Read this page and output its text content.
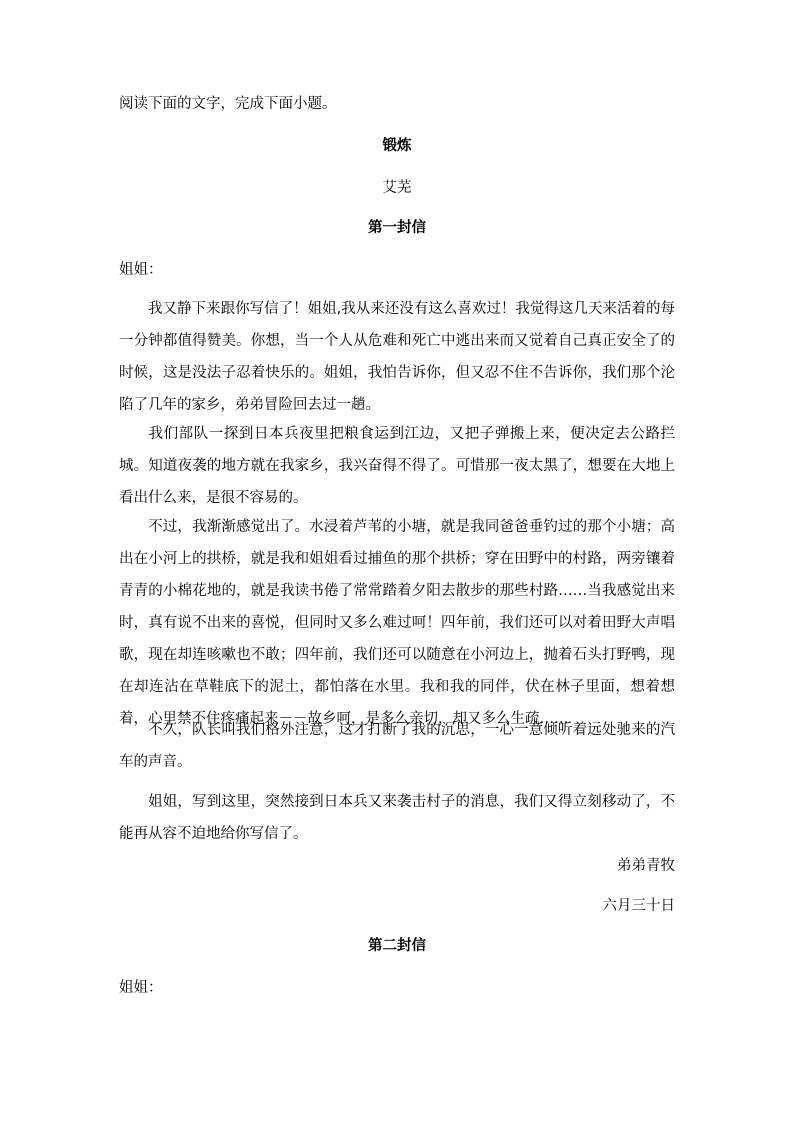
阅读下面的文字，完成下面小题。
锻炼
艾芜
第一封信
姐姐：
我又静下来跟你写信了！姐姐,我从来还没有这么喜欢过！我觉得这几天来活着的每一分钟都值得赞美。你想，当一个人从危难和死亡中逃出来而又觉着自己真正安全了的时候，这是没法子忍着快乐的。姐姐，我怕告诉你，但又忍不住不告诉你，我们那个沦陷了几年的家乡，弟弟冒险回去过一趟。
我们部队一探到日本兵夜里把粮食运到江边，又把子弹搬上来，便决定去公路拦城。知道夜袭的地方就在我家乡，我兴奋得不得了。可惜那一夜太黑了，想要在大地上看出什么来，是很不容易的。
不过，我渐渐感觉出了。水浸着芦苇的小塘，就是我同爸爸垂钓过的那个小塘；高出在小河上的拱桥，就是我和姐姐看过捕鱼的那个拱桥；穿在田野中的村路，两旁镶着青青的小棉花地的，就是我读书倦了常常踏着夕阳去散步的那些村路……当我感觉出来时，真有说不出来的喜悦，但同时又多么难过呵！四年前，我们还可以对着田野大声唱歌，现在却连咳嗽也不敢；四年前，我们还可以随意在小河边上，抛着石头打野鸭，现在却连沾在草鞋底下的泥土，都怕落在水里。我和我的同伴，伏在林子里面，想着想着，心里禁不住疼痛起来－－故乡呵，是多么亲切，却又多么生疏……
不久，队长叫我们格外注意，这才打断了我的沉思，一心一意倾听着远处驰来的汽车的声音。
姐姐，写到这里，突然接到日本兵又来袭击村子的消息，我们又得立刻移动了，不能再从容不迫地给你写信了。
弟弟青牧
六月三十日
第二封信
姐姐：
